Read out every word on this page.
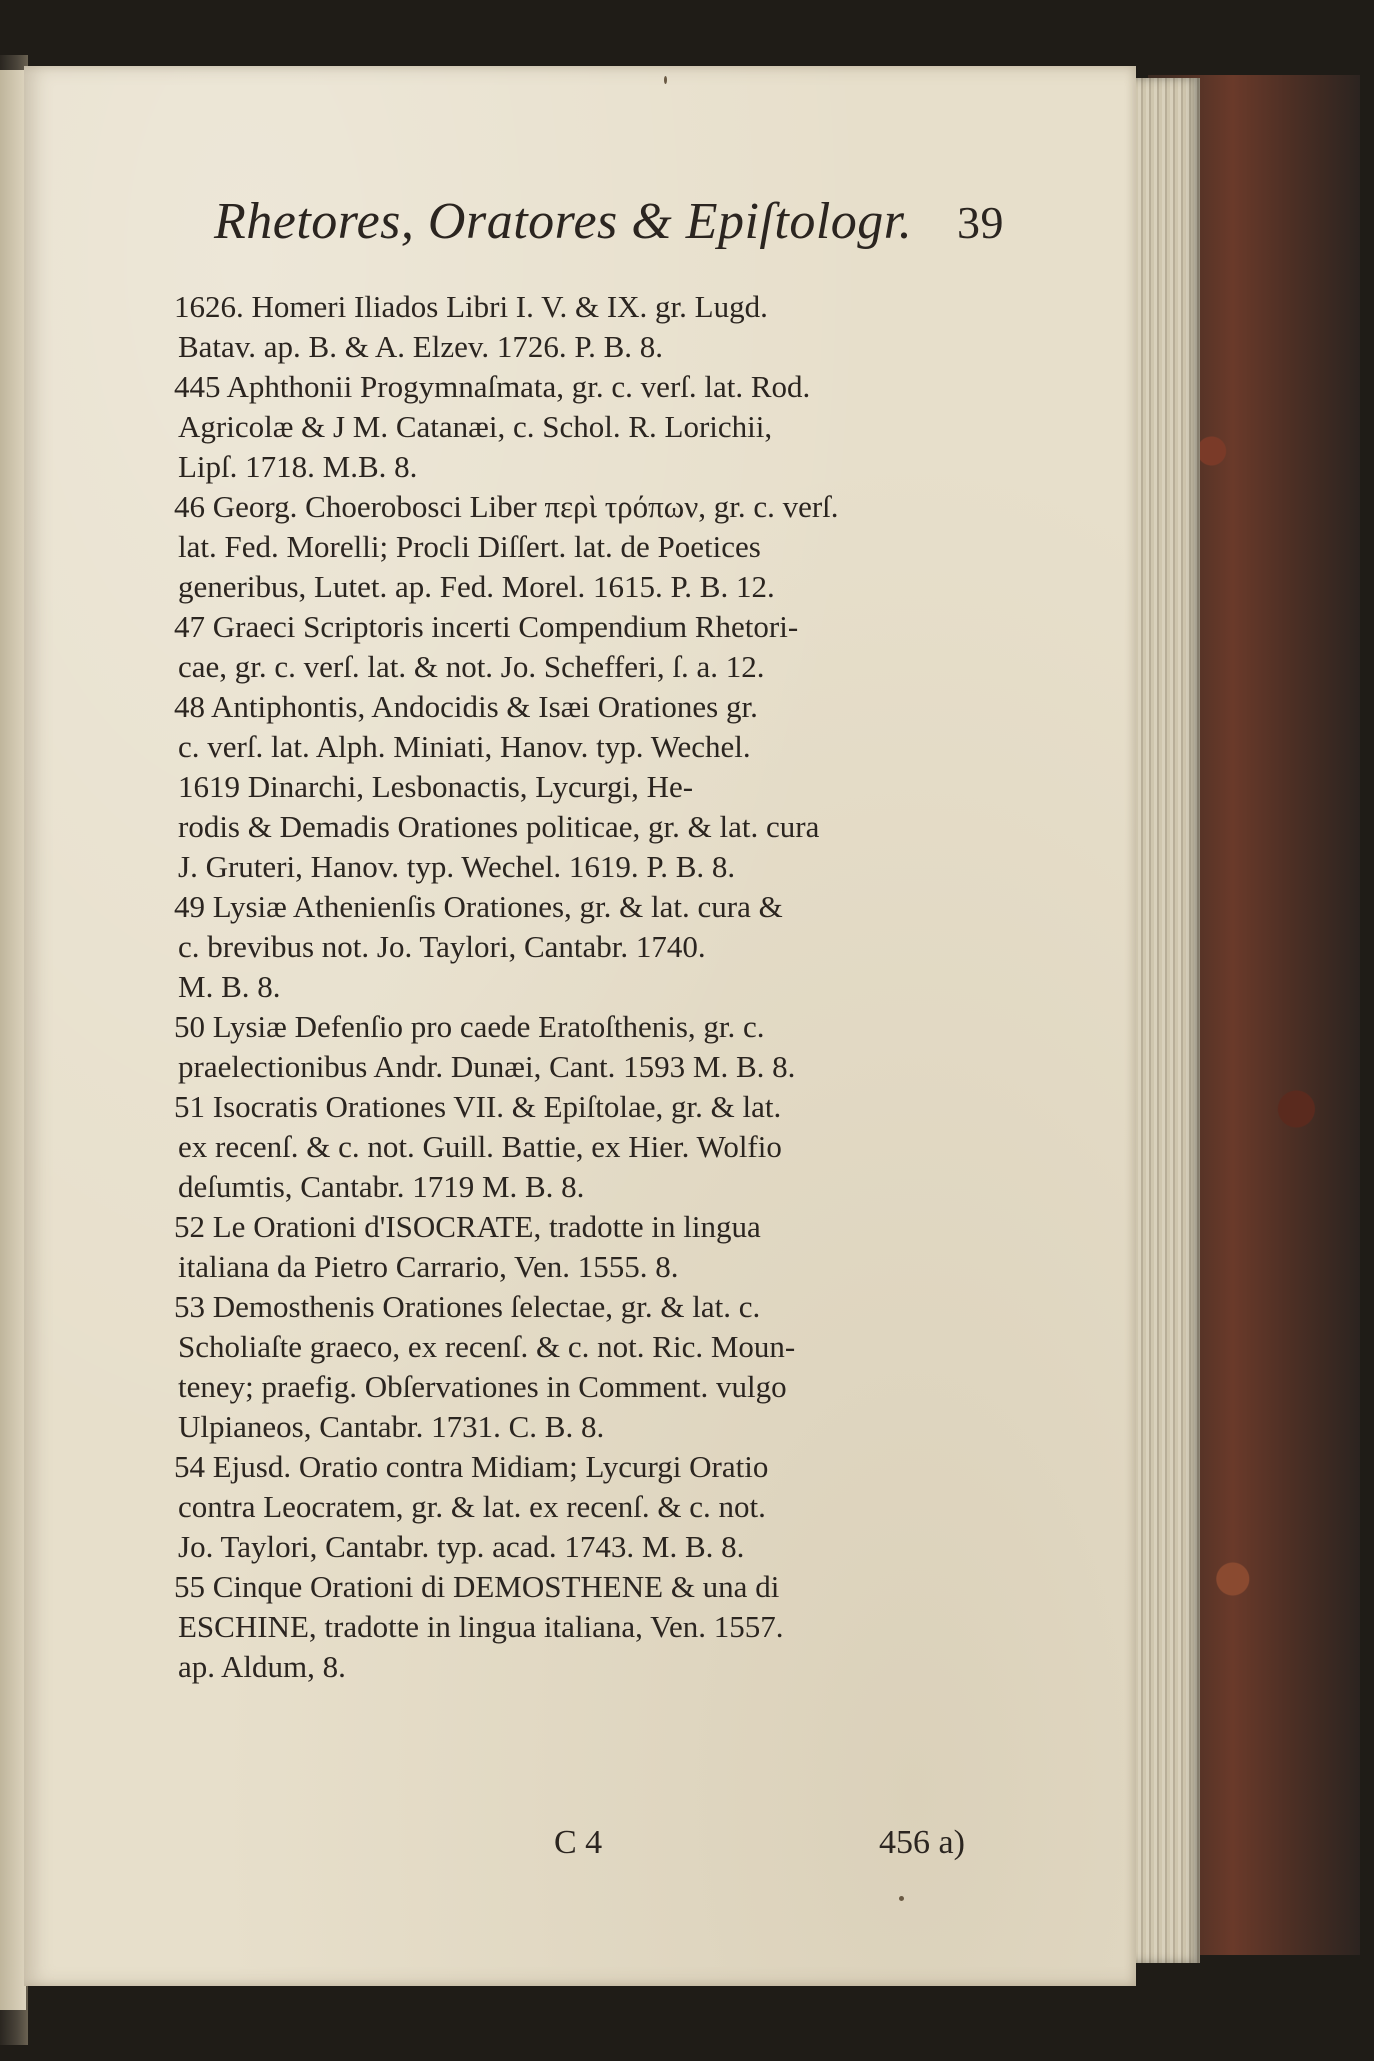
Rhetores, Oratores & Epiſtologr. 39
1626. Homeri Iliados Libri I. V. & IX. gr. Lugd.
Batav. ap. B. & A. Elzev. 1726. P. B. 8.
445 Aphthonii Progymnaſmata, gr. c. verſ. lat. Rod.
Agricolæ & J M. Catanæi, c. Schol. R. Lorichii,
Lipſ. 1718. M.B. 8.
46 Georg. Choerobosci Liber περὶ τρόπων, gr. c. verſ.
lat. Fed. Morelli; Procli Diſſert. lat. de Poetices
generibus, Lutet. ap. Fed. Morel. 1615. P. B. 12.
47 Graeci Scriptoris incerti Compendium Rhetori-
cae, gr. c. verſ. lat. & not. Jo. Schefferi, ſ. a. 12.
48 Antiphontis, Andocidis & Isæi Orationes gr.
c. verſ. lat. Alph. Miniati, Hanov. typ. Wechel.
1619 Dinarchi, Lesbonactis, Lycurgi, He-
rodis & Demadis Orationes politicae, gr. & lat. cura
J. Gruteri, Hanov. typ. Wechel. 1619. P. B. 8.
49 Lysiæ Athenienſis Orationes, gr. & lat. cura &
c. brevibus not. Jo. Taylori, Cantabr. 1740.
M. B. 8.
50 Lysiæ Defenſio pro caede Eratoſthenis, gr. c.
praelectionibus Andr. Dunæi, Cant. 1593 M. B. 8.
51 Isocratis Orationes VII. & Epiſtolae, gr. & lat.
ex recenſ. & c. not. Guill. Battie, ex Hier. Wolfio
deſumtis, Cantabr. 1719 M. B. 8.
52 Le Orationi d'ISOCRATE, tradotte in lingua
italiana da Pietro Carrario, Ven. 1555. 8.
53 Demosthenis Orationes ſelectae, gr. & lat. c.
Scholiaſte graeco, ex recenſ. & c. not. Ric. Moun-
teney; praefig. Obſervationes in Comment. vulgo
Ulpianeos, Cantabr. 1731. C. B. 8.
54 Ejusd. Oratio contra Midiam; Lycurgi Oratio
contra Leocratem, gr. & lat. ex recenſ. & c. not.
Jo. Taylori, Cantabr. typ. acad. 1743. M. B. 8.
55 Cinque Orationi di DEMOSTHENE & una di
ESCHINE, tradotte in lingua italiana, Ven. 1557.
ap. Aldum, 8.
C 4	456 a)
